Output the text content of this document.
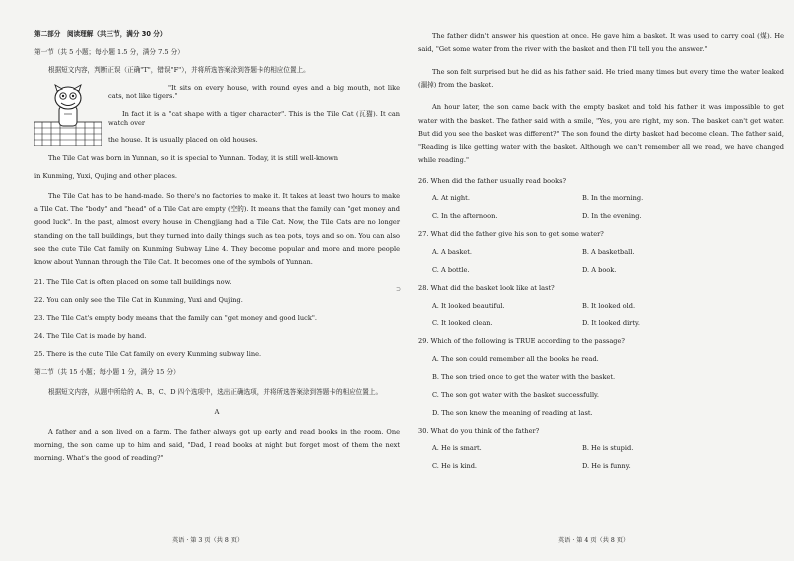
第二部分　阅读理解（共三节，满分 30 分）

第一节（共 5 小题；每小题 1.5 分，满分 7.5 分）

根据短文内容，判断正误（正确"T"，错误"F"），并将所选答案涂到答题卡的相应位置上。

"It sits on every house, with round eyes and a big mouth, not like cats, not like tigers."

In fact it is a "cat shape with a tiger character". This is the Tile Cat (瓦猫). It can watch over

the house. It is usually placed on old houses.

The Tile Cat was born in Yunnan, so it is special to Yunnan. Today, it is still well-known

in Kunming, Yuxi, Qujing and other places.

The Tile Cat has to be hand-made. So there's no factories to make it. It takes at least two hours to make a Tile Cat. The "body" and "head" of a Tile Cat are empty (空的). It means that the family can "get money and good luck". In the past, almost every house in Chengjiang had a Tile Cat. Now, the Tile Cats are no longer standing on the tall buildings, but they turned into daily things such as tea pots, toys and so on. You can also see the cute Tile Cat family on Kunming Subway Line 4. They become popular and more and more people know about Yunnan through the Tile Cat. It becomes one of the symbols of Yunnan.

21. The Tile Cat is often placed on some tall buildings now.

22. You can only see the Tile Cat in Kunming, Yuxi and Qujing.

23. The Tile Cat's empty body means that the family can "get money and good luck".

24. The Tile Cat is made by hand.

25. There is the cute Tile Cat family on every Kunming subway line.

第二节（共 15 小题；每小题 1 分，满分 15 分）

根据短文内容，从题中所给的 A、B、C、D 四个选项中，选出正确选项，并将所选答案涂到答题卡的相应位置上。

A

A father and a son lived on a farm. The father always got up early and read books in the room. One morning, the son came up to him and said, "Dad, I read books at night but forget most of them the next morning. What's the good of reading?"

英语 · 第 3 页（共 8 页）
⊃

The father didn't answer his question at once. He gave him a basket. It was used to carry coal (煤). He said, "Get some water from the river with the basket and then I'll tell you the answer."

The son felt surprised but he did as his father said. He tried many times but every time the water leaked (漏掉) from the basket.

An hour later, the son came back with the empty basket and told his father it was impossible to get water with the basket. The father said with a smile, "Yes, you are right, my son. The basket can't get water. But did you see the basket was different?" The son found the dirty basket had become clean. The father said, "Reading is like getting water with the basket. Although we can't remember all we read, we have changed while reading."

26. When did the father usually read books?

A. At night.	B. In the morning.
C. In the afternoon.	D. In the evening.

27. What did the father give his son to get some water?

A. A basket.	B. A basketball.
C. A bottle.	D. A book.

28. What did the basket look like at last?

A. It looked beautiful.	B. It looked old.
C. It looked clean.	D. It looked dirty.

29. Which of the following is TRUE according to the passage?

A. The son could remember all the books he read.

B. The son tried once to get the water with the basket.

C. The son got water with the basket successfully.

D. The son knew the meaning of reading at last.

30. What do you think of the father?

A. He is smart.	B. He is stupid.
C. He is kind.	D. He is funny.
英语 · 第 4 页（共 8 页）
